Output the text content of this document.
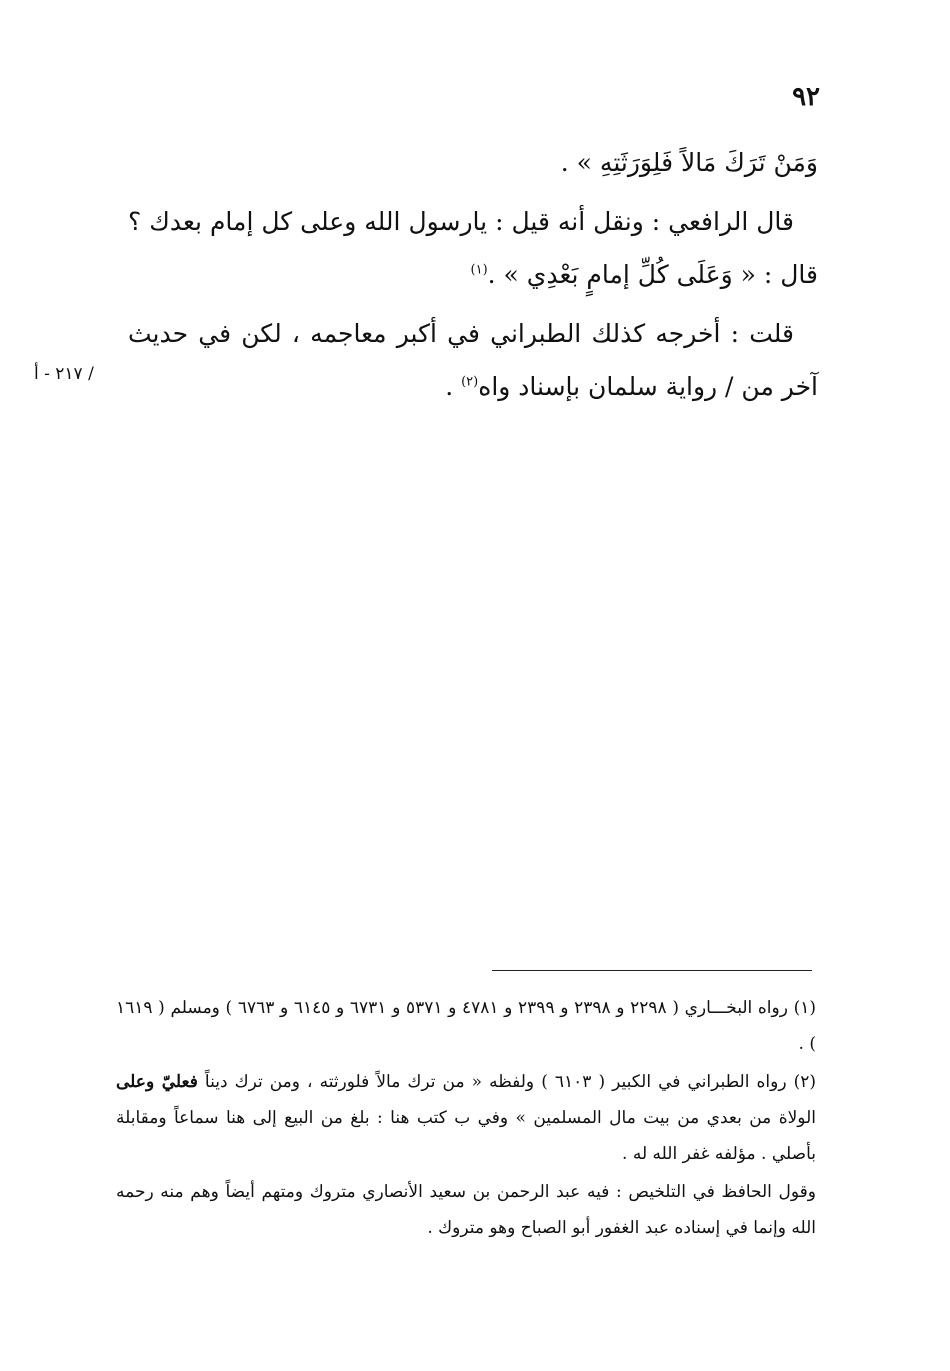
٩٢
/ ٢١٧ - أ

وَمَنْ تَرَكَ مَالاً فَلِوَرَثَتِهِ » .

قال الرافعي : ونقل أنه قيل : يارسول الله وعلى كل إمام بعدك ؟ قال : « وَعَلَى كُلِّ إمامٍ بَعْدِي » .$^{(١)}$

قلت : أخرجه كذلك الطبراني في أكبر معاجمه ، لكن في حديث آخر من / رواية سلمان بإسناد واه$^{(٢)}$ .

(١) رواه البخـــاري ( ٢٢٩٨ و ٢٣٩٨ و ٢٣٩٩ و ٤٧٨١ و ٥٣٧١ و ٦٧٣١ و ٦١٤٥ و ٦٧٦٣ ) ومسلم ( ١٦١٩ ) .

(٢) رواه الطبراني في الكبير ( ٦١٠٣ ) ولفظه « من ترك مالاً فلورثته ، ومن ترك ديناً فعليّ وعلى الولاة من بعدي من بيت مال المسلمين » وفي ب كتب هنا : بلغ من البيع إلى هنا سماعاً ومقابلة بأصلي . مؤلفه غفر الله له .

وقول الحافظ في التلخيص : فيه عبد الرحمن بن سعيد الأنصاري متروك ومتهم أيضاً وهم منه رحمه الله وإنما في إسناده عبد الغفور أبو الصباح وهو متروك .
